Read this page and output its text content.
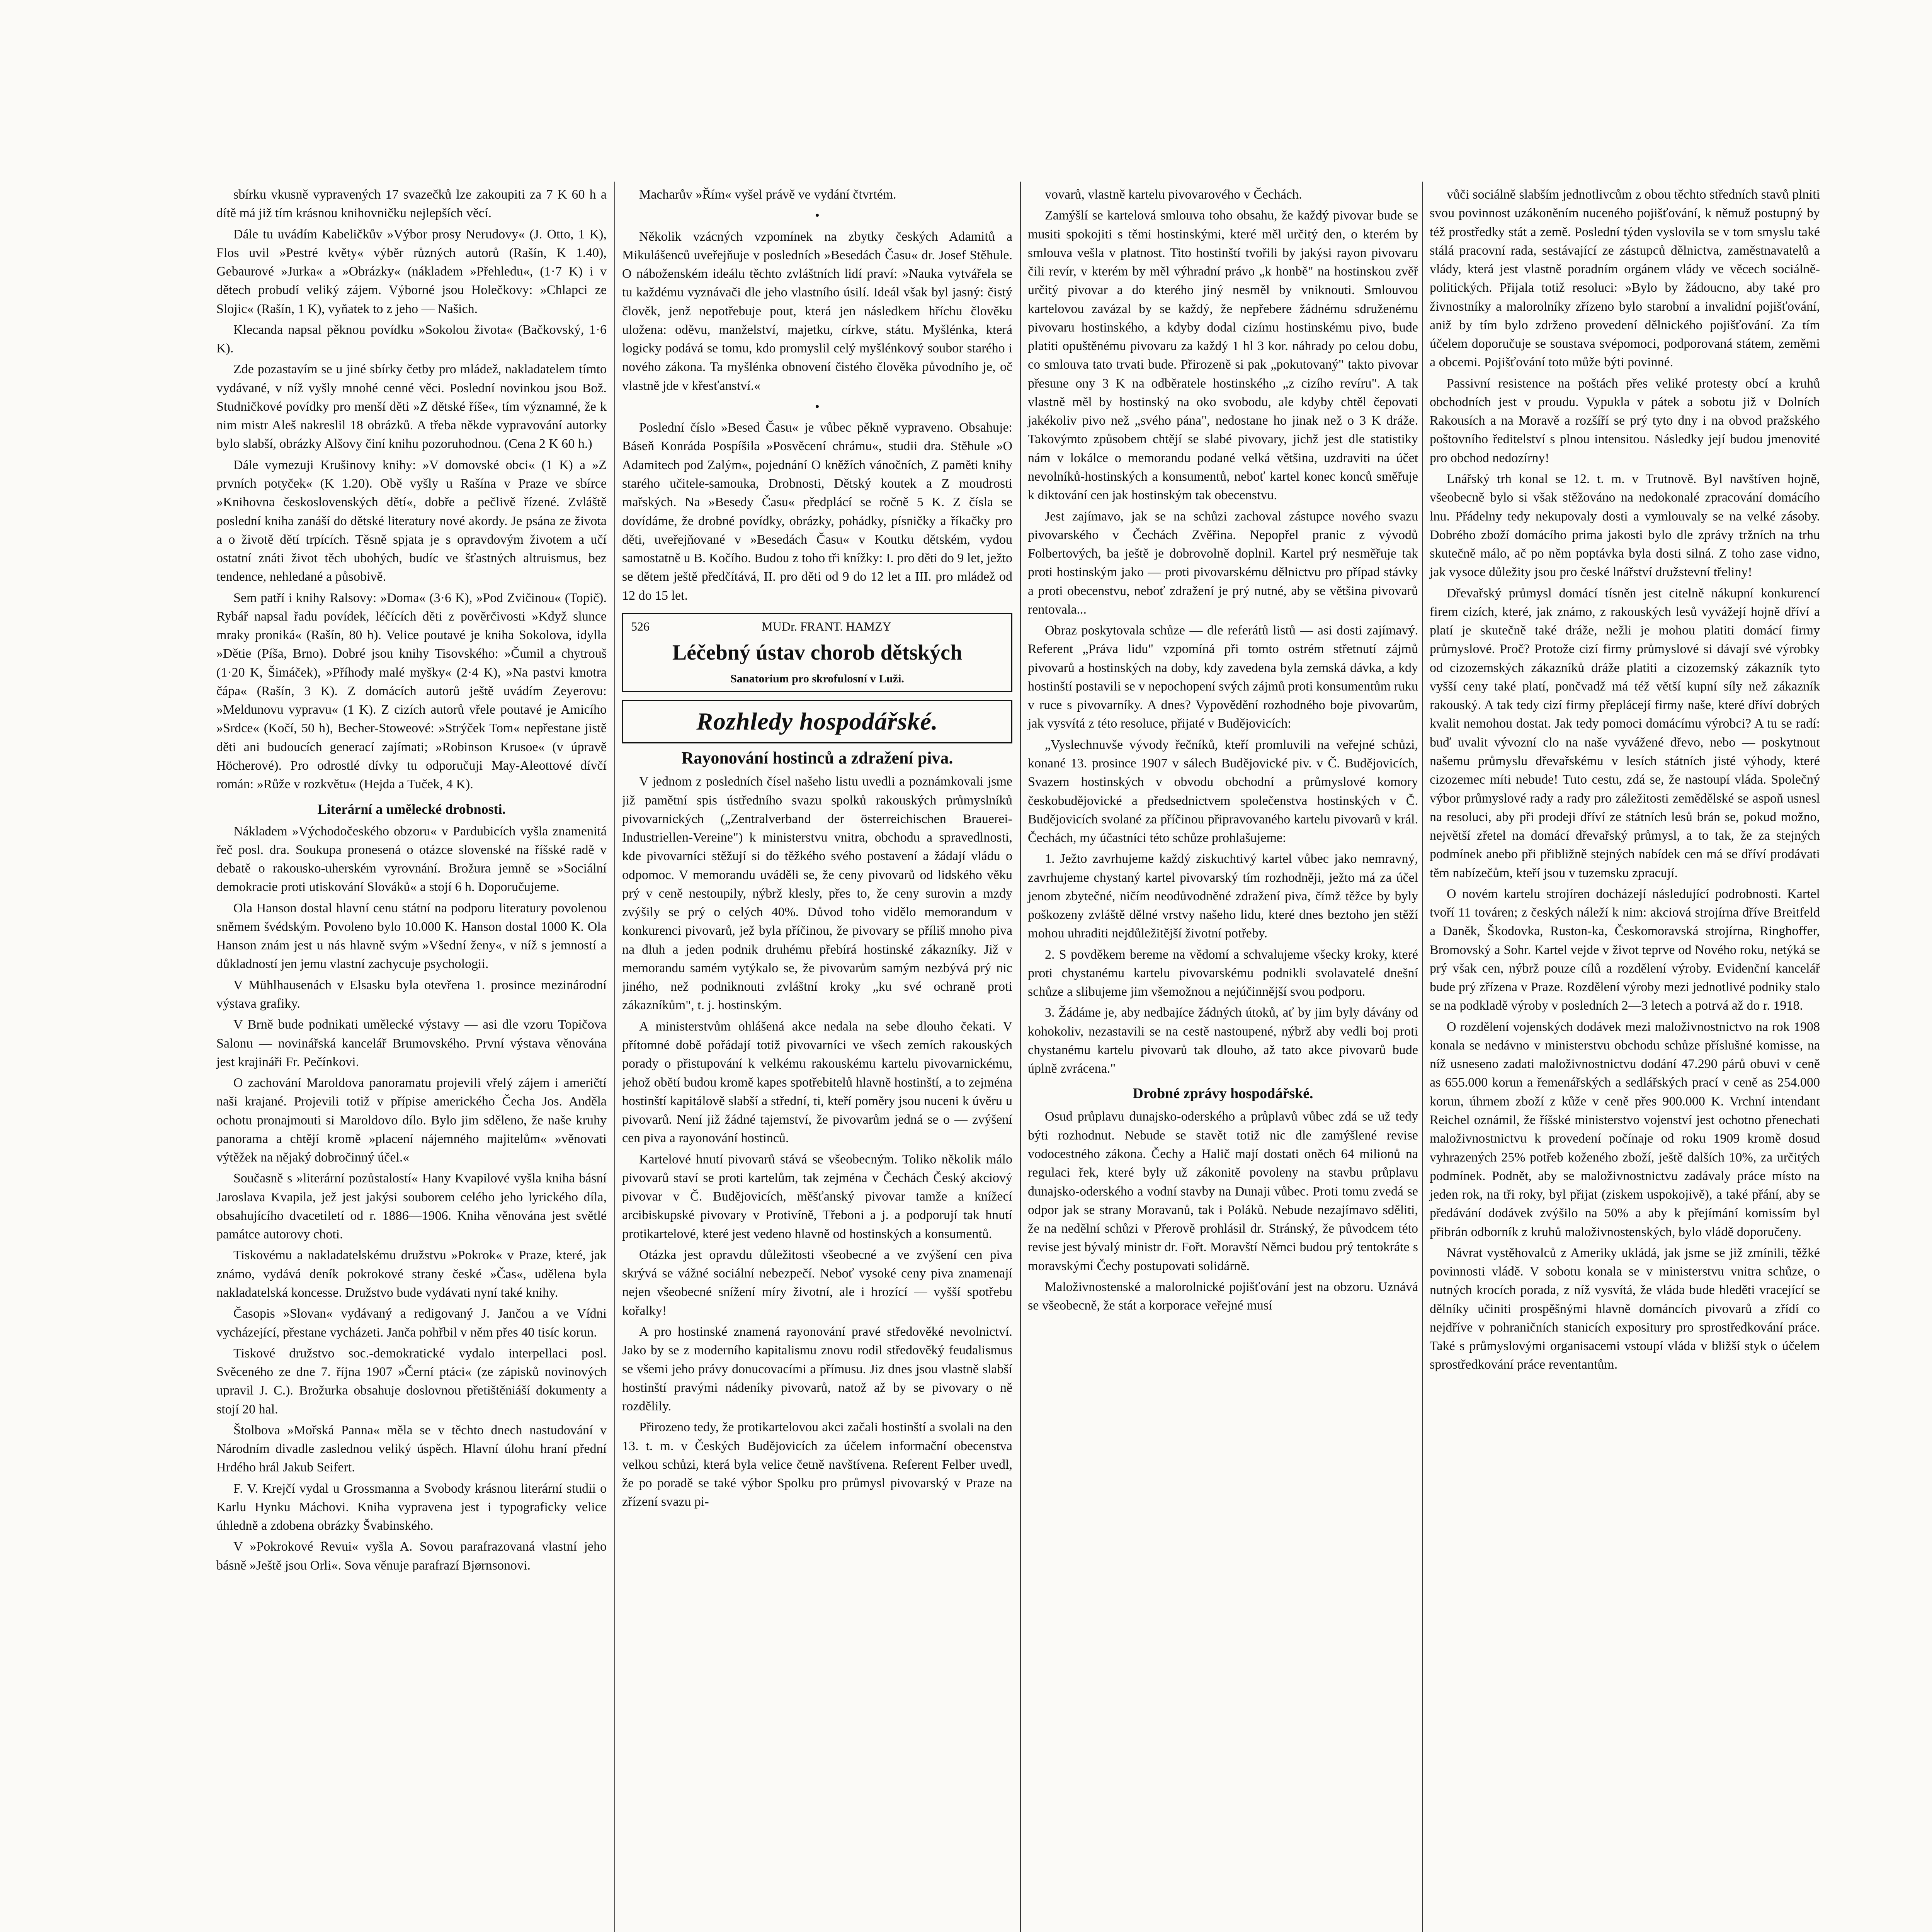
sbírku vkusně vypravených 17 svazečků lze zakoupiti za 7 K 60 h a dítě má již tím krásnou knihovničku nejlepších věcí.

Dále tu uvádím Kabeličkův »Výbor prosy Nerudovy« (J. Otto, 1 K), Flos uvil »Pestré květy« výběr různých autorů (Rašín, K 1.40), Gebaurové »Jurka« a »Obrázky« (nákladem »Přehledu«, (1·7 K) i v dětech probudí veliký zájem. Výborné jsou Holečkovy: »Chlapci ze Slojic« (Rašín, 1 K), vyňatek to z jeho — Našich.

Klecanda napsal pěknou povídku »Sokolou života« (Bačkovský, 1·6 K).

Zde pozastavím se u jiné sbírky četby pro mládež, nakladatelem tímto vydávané, v níž vyšly mnohé cenné věci. Poslední novinkou jsou Bož. Studničkové povídky pro menší děti »Z dětské říše«, tím významné, že k nim mistr Aleš nakreslil 18 obrázků. A třeba někde vypravování autorky bylo slabší, obrázky Alšovy činí knihu pozoruhodnou. (Cena 2 K 60 h.)

Dále vymezuji Krušinovy knihy: »V domovské obci« (1 K) a »Z prvních potyček« (K 1.20). Obě vyšly u Rašína v Praze ve sbírce »Knihovna československých dětí«, dobře a pečlivě řízené. Zvláště poslední kniha zanáší do dětské literatury nové akordy. Je psána ze života a o životě dětí trpících. Těsně spjata je s opravdovým životem a učí ostatní znáti život těch ubohých, budíc ve šťastných altruismus, bez tendence, nehledané a působivě.

Sem patří i knihy Ralsovy: »Doma« (3·6 K), »Pod Zvičinou« (Topič). Rybář napsal řadu povídek, léčících děti z pověrčivosti »Když slunce mraky proniká« (Rašín, 80 h). Velice poutavé je kniha Sokolova, idylla »Dětie (Píša, Brno). Dobré jsou knihy Tisovského: »Čumil a chytrouš (1·20 K, Šimáček), »Příhody malé myšky« (2·4 K), »Na pastvi kmotra čápa« (Rašín, 3 K). Z domácích autorů ještě uvádím Zeyerovu: »Meldunovu vypravu« (1 K). Z cizích autorů vřele poutavé je Amicího »Srdce« (Kočí, 50 h), Becher-Stoweové: »Strýček Tom« nepřestane jistě děti ani budoucích generací zajímati; »Robinson Krusoe« (v úpravě Höcherové). Pro odrostlé dívky tu odporučuji May-Aleottové dívčí román: »Růže v rozkvětu« (Hejda a Tuček, 4 K).

Literární a umělecké drobnosti.

Nákladem »Východočeského obzoru« v Pardubicích vyšla znamenitá řeč posl. dra. Soukupa pronesená o otázce slovenské na říšské radě v debatě o rakousko-uherském vyrovnání. Brožura jemně se »Sociální demokracie proti utiskování Slováků« a stojí 6 h. Doporučujeme.

Ola Hanson dostal hlavní cenu státní na podporu literatury povolenou sněmem švédským. Povoleno bylo 10.000 K. Hanson dostal 1000 K. Ola Hanson znám jest u nás hlavně svým »Všední ženy«, v níž s jemností a důkladností jen jemu vlastní zachycuje psychologii.

V Mühlhausenách v Elsasku byla otevřena 1. prosince mezinárodní výstava grafiky.

V Brně bude podnikati umělecké výstavy — asi dle vzoru Topičova Salonu — novinářská kancelář Brumovského. První výstava věnována jest krajináři Fr. Pečínkovi.

O zachování Maroldova panoramatu projevili vřelý zájem i američtí naši krajané. Projevili totiž v přípise amerického Čecha Jos. Anděla ochotu pronajmouti si Maroldovo dílo. Bylo jim sděleno, že naše kruhy panorama a chtějí kromě »placení nájemného majitelům« »věnovati výtěžek na nějaký dobročinný účel.«

Současně s »literární pozůstalostí« Hany Kvapilové vyšla kniha básní Jaroslava Kvapila, jež jest jakýsi souborem celého jeho lyrického díla, obsahujícího dvacetiletí od r. 1886—1906. Kniha věnována jest světlé památce autorovy choti.

Tiskovému a nakladatelskému družstvu »Pokrok« v Praze, které, jak známo, vydává deník pokrokové strany české »Čas«, udělena byla nakladatelská koncesse. Družstvo bude vydávati nyní také knihy.

Časopis »Slovan« vydávaný a redigovaný J. Jančou a ve Vídni vycházející, přestane vycházeti. Janča pohřbil v něm přes 40 tisíc korun.

Tiskové družstvo soc.-demokratické vydalo interpellaci posl. Svěceného ze dne 7. října 1907 »Černí ptáci« (ze zápisků novinových upravil J. C.). Brožurka obsahuje doslovnou přetištěniáší dokumenty a stojí 20 hal.

Štolbova »Mořská Panna« měla se v těchto dnech nastudování v Národním divadle zaslednou veliký úspěch. Hlavní úlohu hraní přední Hrdého hrál Jakub Seifert.

F. V. Krejčí vydal u Grossmanna a Svobody krásnou literární studii o Karlu Hynku Máchovi. Kniha vypravena jest i typograficky velice úhledně a zdobena obrázky Švabinského.

V »Pokrokové Revui« vyšla A. Sovou parafrazovaná vlastní jeho básně »Ještě jsou Orli«. Sova věnuje parafrazí Bjørnsonovi.

Macharův »Řím« vyšel právě ve vydání čtvrtém.

•

Několik vzácných vzpomínek na zbytky českých Adamitů a Mikulášenců uveřejňuje v posledních »Besedách Času« dr. Josef Stěhule. O náboženském ideálu těchto zvláštních lidí praví: »Nauka vytvářela se tu každému vyznávači dle jeho vlastního úsilí. Ideál však byl jasný: čistý člověk, jenž nepotřebuje pout, která jen následkem hříchu člověku uložena: oděvu, manželství, majetku, církve, státu. Myšlénka, která logicky podává se tomu, kdo promyslil celý myšlénkový soubor starého i nového zákona. Ta myšlénka obnovení čistého člověka původního je, oč vlastně jde v křesťanství.«

•

Poslední číslo »Besed Času« je vůbec pěkně vypraveno. Obsahuje: Báseň Konráda Pospíšila »Posvěcení chrámu«, studii dra. Stěhule »O Adamitech pod Zalým«, pojednání O kněžích vánočních, Z paměti knihy starého učitele-samouka, Drobnosti, Dětský koutek a Z moudrosti mařských. Na »Besedy Času« předplácí se ročně 5 K. Z čísla se dovídáme, že drobné povídky, obrázky, pohádky, písničky a říkačky pro děti, uveřejňované v »Besedách Času« v Koutku dětském, vydou samostatně u B. Kočího. Budou z toho tři knížky: I. pro děti do 9 let, ježto se dětem ještě předčítává, II. pro děti od 9 do 12 let a III. pro mládež od 12 do 15 let.

526	MUDr. FRANT. HAMZY
Léčebný ústav chorob dětských
Sanatorium pro skrofulosní v Luži.
Rozhledy hospodářské.
Rayonování hostinců a zdražení piva.

V jednom z posledních čísel našeho listu uvedli a poznámkovali jsme již pamětní spis ústředního svazu spolků rakouských průmyslníků pivovarnických („Zentralverband der österreichischen Brauerei-Industriellen-Vereine") k ministerstvu vnitra, obchodu a spravedlnosti, kde pivovarníci stěžují si do těžkého svého postavení a žádají vládu o odpomoc. V memorandu uváděli se, že ceny pivovarů od lidského věku prý v ceně nestoupily, nýbrž klesly, přes to, že ceny surovin a mzdy zvýšily se prý o celých 40%. Důvod toho vidělo memorandum v konkurenci pivovarů, jež byla příčinou, že pivovary se příliš mnoho piva na dluh a jeden podnik druhému přebírá hostinské zákazníky. Již v memorandu samém vytýkalo se, že pivovarům samým nezbývá prý nic jiného, než podniknouti zvláštní kroky „ku své ochraně proti zákazníkům", t. j. hostinským.

A ministerstvům ohlášená akce nedala na sebe dlouho čekati. V přítomné době pořádají totiž pivovarníci ve všech zemích rakouských porady o přistupování k velkému rakouskému kartelu pivovarnickému, jehož obětí budou kromě kapes spotřebitelů hlavně hostinští, a to zejména hostinští kapitálově slabší a střední, ti, kteří poměry jsou nuceni k úvěru u pivovarů. Není již žádné tajemství, že pivovarům jedná se o — zvýšení cen piva a rayonování hostinců.

Kartelové hnutí pivovarů stává se všeobecným. Tolikо několik málo pivovarů staví se proti kartelům, tak zejména v Čechách Český akciový pivovar v Č. Budějovicích, měšťanský pivovar tamže a knížecí arcibiskupské pivovary v Protivíně, Třeboni a j. a podporují tak hnutí protikartelové, které jest vedeno hlavně od hostinských a konsumentů.

Otázka jest opravdu důležitosti všeobecné a ve zvýšení cen piva skrývá se vážné sociální nebezpečí. Neboť vysoké ceny piva znamenají nejen všeobecné snížení míry životní, ale i hrozící — vyšší spotřebu kořalky!

A pro hostinské znamená rayonování pravé středověké nevolnictví. Jako by se z moderního kapitalismu znovu rodil středověký feudalismus se všemi jeho právy donucovacími a přímusu. Jiz dnes jsou vlastně slabší hostinští pravými nádeníky pivovarů, natož až by se pivovary o ně rozdělily.

Přirozeno tedy, že protikartelovou akci začali hostinští a svolali na den 13. t. m. v Českých Budějovicích za účelem informační obecenstva velkou schůzi, která byla velice četně navštívena. Referent Felber uvedl, že po poradě se také výbor Spolku pro průmysl pivovarský v Praze na zřízení svazu pi-

vovarů, vlastně kartelu pivovarového v Čechách.

Zamýšlí se kartelová smlouva toho obsahu, že každý pivovar bude se musiti spokojiti s těmi hostinskými, které měl určitý den, o kterém by smlouva vešla v platnost. Tito hostinští tvořili by jakýsi rayon pivovaru čili revír, v kterém by měl výhradní právo „k honbě" na hostinskou zvěř určitý pivovar a do kterého jiný nesměl by vniknouti. Smlouvou kartelovou zavázal by se každý, že nepřebere žádnému sdruženému pivovaru hostinského, a kdyby dodal cizímu hostinskému pivo, bude platiti opuštěnému pivovaru za každý 1 hl 3 kor. náhrady po celou dobu, co smlouva tato trvati bude. Přirozeně si pak „pokutovaný" takto pivovar přesune ony 3 K na odběratele hostinského „z cizího revíru". A tak vlastně měl by hostinský na oko svobodu, ale kdyby chtěl čepovati jakékoliv pivo než „svého pána", nedostane ho jinak než o 3 K dráže. Takovýmto způsobem chtějí se slabé pivovary, jichž jest dle statistiky nám v lokálce o memorandu podané velká většina, uzdraviti na účet nevolníků-hostinských a konsumentů, neboť kartel konec konců směřuje k diktování cen jak hostinským tak obecenstvu.

Jest zajímavo, jak se na schůzi zachoval zástupce nového svazu pivovarského v Čechách Zvěřina. Nepopřel pranic z vývodů Folbertových, ba ještě je dobrovolně doplnil. Kartel prý nesměřuje tak proti hostinským jako — proti pivovarskému dělnictvu pro případ stávky a proti obecenstvu, neboť zdražení je prý nutné, aby se většina pivovarů rentovala...

Obraz poskytovala schůze — dle referátů listů — asi dosti zajímavý. Referent „Práva lidu" vzpomíná při tomto ostrém střetnutí zájmů pivovarů a hostinských na doby, kdy zavedena byla zemská dávka, a kdy hostinští postavili se v nepochopení svých zájmů proti konsumentům ruku v ruce s pivovarníky. A dnes? Vypovědění rozhodného boje pivovarům, jak vysvítá z této resoluce, přijaté v Budějovicích:

„Vyslechnuvše vývody řečníků, kteří promluvili na veřejné schůzi, konané 13. prosince 1907 v sálech Budějovické piv. v Č. Budějovicích, Svazem hostinských v obvodu obchodní a průmyslové komory českobudějovické a předsednictvem společenstva hostinských v Č. Budějovicích svolané za příčinou připravovaného kartelu pivovarů v král. Čechách, my účastníci této schůze prohlašujeme:

1. Ježto zavrhujeme každý ziskuchtivý kartel vůbec jako nemravný, zavrhujeme chystaný kartel pivovarský tím rozhodněji, ježto má za účel jenom zbytečné, ničím neodůvodněné zdražení piva, čímž těžce by byly poškozeny zvláště dělné vrstvy našeho lidu, které dnes beztoho jen stěží mohou uhraditi nejdůležitější životní potřeby.

2. S povděkem bereme na vědomí a schvalujeme všecky kroky, které proti chystanému kartelu pivovarskému podnikli svolavatelé dnešní schůze a slibujeme jim všemožnou a nejúčinnější svou podporu.

3. Žádáme je, aby nedbajíce žádných útoků, ať by jim byly dávány od kohokoliv, nezastavili se na cestě nastoupené, nýbrž aby vedli boj proti chystanému kartelu pivovarů tak dlouho, až tato akce pivovarů bude úplně zvrácena."

Drobné zprávy hospodářské.

Osud průplavu dunajsko-oderského a průplavů vůbec zdá se už tedy býti rozhodnut. Nebude se stavět totiž nic dle zamýšlené revise vodocestného zákona. Čechy a Halič mají dostati oněch 64 milionů na regulaci řek, které byly už zákonitě povoleny na stavbu průplavu dunajsko-oderského a vodní stavby na Dunaji vůbec. Proti tomu zvedá se odpor jak se strany Moravanů, tak i Poláků. Nebude nezajímavo sděliti, že na nedělní schůzi v Přerově prohlásil dr. Stránský, že původcem této revise jest bývalý ministr dr. Fořt. Moravští Němci budou prý tentokráte s moravskými Čechy postupovati solidárně.

Maloživnostenské a malorolnické pojišťování jest na obzoru. Uznává se všeobecně, že stát a korporace veřejné musí

vůči sociálně slabším jednotlivcům z obou těchto středních stavů plniti svou povinnost uzákoněním nuceného pojišťování, k němuž postupný by též prostředky stát a země. Poslední týden vyslovila se v tom smyslu také stálá pracovní rada, sestávající ze zástupců dělnictva, zaměstnavatelů a vlády, která jest vlastně poradním orgánem vlády ve věcech sociálně-politických. Přijala totiž resoluci: »Bylo by žádoucno, aby také pro živnostníky a malorolníky zřízeno bylo starobní a invalidní pojišťování, aniž by tím bylo zdrženo provedení dělnického pojišťování. Za tím účelem doporučuje se soustava svépomoci, podporovaná státem, zeměmi a obcemi. Pojišťování toto může býti povinné.

Passivní resistence na poštách přes veliké protesty obcí a kruhů obchodních jest v proudu. Vypukla v pátek a sobotu již v Dolních Rakousích a na Moravě a rozšíří se prý tyto dny i na obvod pražského poštovního ředitelství s plnou intensitou. Následky její budou jmenovité pro obchod nedozírny!

Lnářský trh konal se 12. t. m. v Trutnově. Byl navštíven hojně, všeobecně bylo si však stěžováno na nedokonalé zpracování domácího lnu. Přádelny tedy nekupovaly dosti a vymlouvaly se na velké zásoby. Dobrého zboží domácího prima jakosti bylo dle zprávy tržních na trhu skutečně málo, ač po něm poptávka byla dosti silná. Z toho zase vidno, jak vysoce důležity jsou pro české lnářství družstevní třeliny!

Dřevařský průmysl domácí tísněn jest citelně nákupní konkurencí firem cizích, které, jak známo, z rakouských lesů vyvážejí hojně dříví a platí je skutečně také dráže, nežli je mohou platiti domácí firmy průmyslové. Proč? Protože cizí firmy průmyslové si dávají své výrobky od cizozemských zákazníků dráže platiti a cizozemský zákazník tyto vyšší ceny také platí, pončvadž má též větší kupní síly než zákazník rakouský. A tak tedy cizí firmy přeplácejí firmy naše, které dříví dobrých kvalit nemohou dostat. Jak tedy pomoci domácímu výrobci? A tu se radí: buď uvalit vývozní clo na naše vyvážené dřevo, nebo — poskytnout našemu průmyslu dřevařskému v lesích státních jisté výhody, které cizozemec míti nebude! Tuto cestu, zdá se, že nastoupí vláda. Společný výbor průmyslové rady a rady pro záležitosti zemědělské se aspoň usnesl na resoluci, aby při prodeji dříví ze státních lesů brán se, pokud možno, největší zřetel na domácí dřevařský průmysl, a to tak, že za stejných podmínek anebo při přibližně stejných nabídek cen má se dříví prodávati těm nabízečům, kteří jsou v tuzemsku zpracují.

O novém kartelu strojíren docházejí následující podrobnosti. Kartel tvoří 11 továren; z českých náleží k nim: akciová strojírna dříve Breitfeld a Daněk, Škodovka, Ruston-ka, Českomoravská strojírna, Ringhoffer, Bromovský a Sohr. Kartel vejde v život teprve od Nového roku, netýká se prý však cen, nýbrž pouze cílů a rozdělení výroby. Evidenční kancelář bude prý zřízena v Praze. Rozdělení výroby mezi jednotlivé podniky stalo se na podkladě výroby v posledních 2—3 letech a potrvá až do r. 1918.

O rozdělení vojenských dodávek mezi maloživnostnictvo na rok 1908 konala se nedávno v ministerstvu obchodu schůze příslušné komisse, na níž usneseno zadati maloživnostnictvu dodání 47.290 párů obuvi v ceně as 655.000 korun a řemenářských a sedlářských prací v ceně as 254.000 korun, úhrnem zboží z kůže v ceně přes 900.000 K. Vrchní intendant Reichel oznámil, že říšské ministerstvo vojenství jest ochotno přenechati maloživnostnictvu k provedení počínaje od roku 1909 kromě dosud vyhrazených 25% potřeb koženého zboží, ještě dalších 10%, za určitých podmínek. Podnět, aby se maloživnostnictvu zadávaly práce místo na jeden rok, na tři roky, byl přijat (ziskem uspokojivě), a také přání, aby se předávání dodávek zvýšilo na 50% a aby k přejímání komissím byl přibrán odborník z kruhů maloživnostenských, bylo vládě doporučeny.

Návrat vystěhovalců z Ameriky ukládá, jak jsme se již zmínili, těžké povinnosti vládě. V sobotu konala se v ministerstvu vnitra schůze, o nutných krocích porada, z níž vysvítá, že vláda bude hleděti vracející se dělníky učiniti prospěšnými hlavně dománcích pivovarů a zřídí co nejdříve v pohraničních stanicích expositury pro sprostředkování práce. Také s průmyslovými organisacemi vstoupí vláda v bližší styk o účelem sprostředkování práce reventantům.
